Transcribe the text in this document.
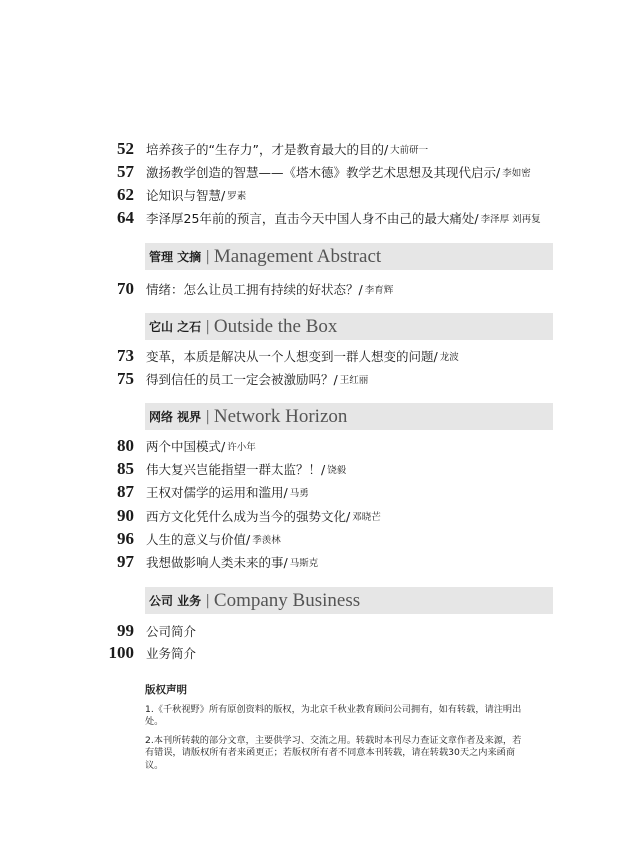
52 培养孩子的“生存力”，才是教育最大的目的/ 大前研一
57 激扬教学创造的智慧——《塔木德》教学艺术思想及其现代启示/ 李如密
62 论知识与智慧/ 罗素
64 李泽厚25年前的预言，直击今天中国人身不由己的最大痛处/ 李泽厚 刘再复
管理 文摘 | Management Abstract
70 情绪：怎么让员工拥有持续的好状态？/ 李育辉
它山 之石 | Outside the Box
73 变革，本质是解决从一个人想变到一群人想变的问题/ 龙波
75 得到信任的员工一定会被激励吗？/ 王红丽
网络 视界 | Network Horizon
80 两个中国模式/ 许小年
85 伟大复兴岂能指望一群太监？！/ 饶毅
87 王权对儒学的运用和滥用/ 马勇
90 西方文化凭什么成为当今的强势文化/ 邓晓芒
96 人生的意义与价值/ 季羡林
97 我想做影响人类未来的事/ 马斯克
公司 业务 | Company Business
99 公司简介
100 业务简介
版权声明

1.《千秋视野》所有原创资料的版权，为北京千秋业教育顾问公司拥有，如有转载，请注明出处。

2.本刊所转载的部分文章，主要供学习、交流之用。转载时本刊尽力查证文章作者及来源，若有错误，请版权所有者来函更正；若版权所有者不同意本刊转载，请在转载30天之内来函商议。
